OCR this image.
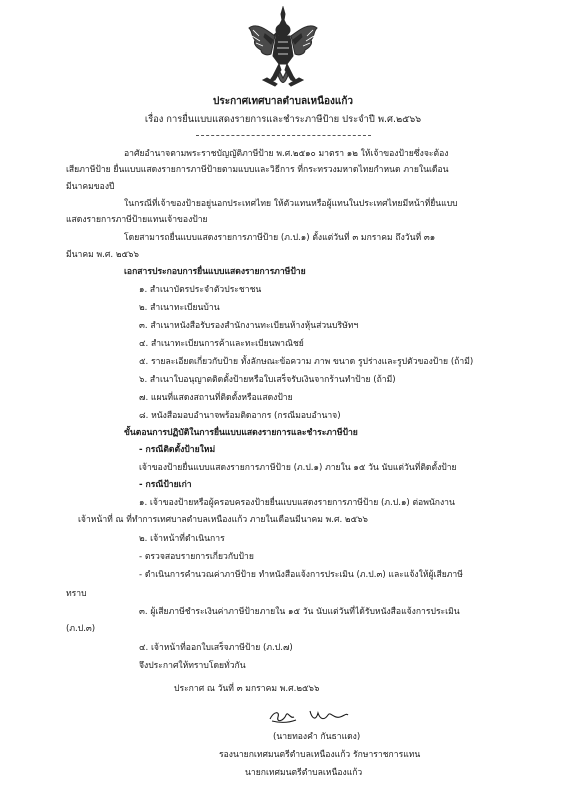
ประกาศเทศบาลตำบลเหนืองแก้ว
เรื่อง การยื่นแบบแสดงรายการและชำระภาษีป้าย ประจำปี พ.ศ.๒๕๖๖
อาศัยอำนาจตามพระราชบัญญัติภาษีป้าย พ.ศ.๒๕๑๐ มาตรา ๑๒ ให้เจ้าของป้ายซึ่งจะต้อง
เสียภาษีป้าย ยื่นแบบแสดงรายการภาษีป้ายตามแบบและวิธีการ ที่กระทรวงมหาดไทยกำหนด ภายในเดือน
มีนาคมของปี
ในกรณีที่เจ้าของป้ายอยู่นอกประเทศไทย ให้ตัวแทนหรือผู้แทนในประเทศไทยมีหน้าที่ยื่นแบบ
แสดงรายการภาษีป้ายแทนเจ้าของป้าย
โดยสามารถยื่นแบบแสดงรายการภาษีป้าย (ภ.ป.๑) ตั้งแต่วันที่ ๓ มกราคม ถึงวันที่ ๓๑
มีนาคม พ.ศ. ๒๕๖๖
เอกสารประกอบการยื่นแบบแสดงรายการภาษีป้าย
๑. สำเนาบัตรประจำตัวประชาชน
๒. สำเนาทะเบียนบ้าน
๓. สำเนาหนังสือรับรองสำนักงานทะเบียนห้างหุ้นส่วนบริษัทฯ
๔. สำเนาทะเบียนการค้าและทะเบียนพาณิชย์
๕. รายละเอียดเกี่ยวกับป้าย ทั้งลักษณะข้อความ ภาพ ขนาด รูปร่างและรูปตัวของป้าย (ถ้ามี)
๖. สำเนาใบอนุญาตติดตั้งป้ายหรือใบเสร็จรับเงินจากร้านทำป้าย (ถ้ามี)
๗. แผนที่แสดงสถานที่ติดตั้งหรือแสดงป้าย
๘. หนังสือมอบอำนาจพร้อมติดอากร (กรณีมอบอำนาจ)
ขั้นตอนการปฏิบัติในการยื่นแบบแสดงรายการและชำระภาษีป้าย
- กรณีติดตั้งป้ายใหม่
เจ้าของป้ายยื่นแบบแสดงรายการภาษีป้าย (ภ.ป.๑) ภายใน ๑๕ วัน นับแต่วันที่ติดตั้งป้าย
- กรณีป้ายเก่า
๑. เจ้าของป้ายหรือผู้ครอบครองป้ายยื่นแบบแสดงรายการภาษีป้าย (ภ.ป.๑) ต่อพนักงาน
เจ้าหน้าที่ ณ ที่ทำการเทศบาลตำบลเหนืองแก้ว ภายในเดือนมีนาคม พ.ศ. ๒๕๖๖
๒. เจ้าหน้าที่ดำเนินการ
- ตรวจสอบรายการเกี่ยวกับป้าย
- ดำเนินการคำนวณค่าภาษีป้าย ทำหนังสือแจ้งการประเมิน (ภ.ป.๓) และแจ้งให้ผู้เสียภาษี
ทราบ
๓. ผู้เสียภาษีชำระเงินค่าภาษีป้ายภายใน ๑๕ วัน นับแต่วันที่ได้รับหนังสือแจ้งการประเมิน
(ภ.ป.๓)
๔. เจ้าหน้าที่ออกใบเสร็จภาษีป้าย (ภ.ป.๗)
จึงประกาศให้ทราบโดยทั่วกัน
ประกาศ ณ วันที่ ๓ มกราคม พ.ศ.๒๕๖๖
(นายทองคำ กันธาแดง)
รองนายกเทศมนตรีตำบลเหนืองแก้ว รักษาราชการแทน
นายกเทศมนตรีตำบลเหนืองแก้ว
